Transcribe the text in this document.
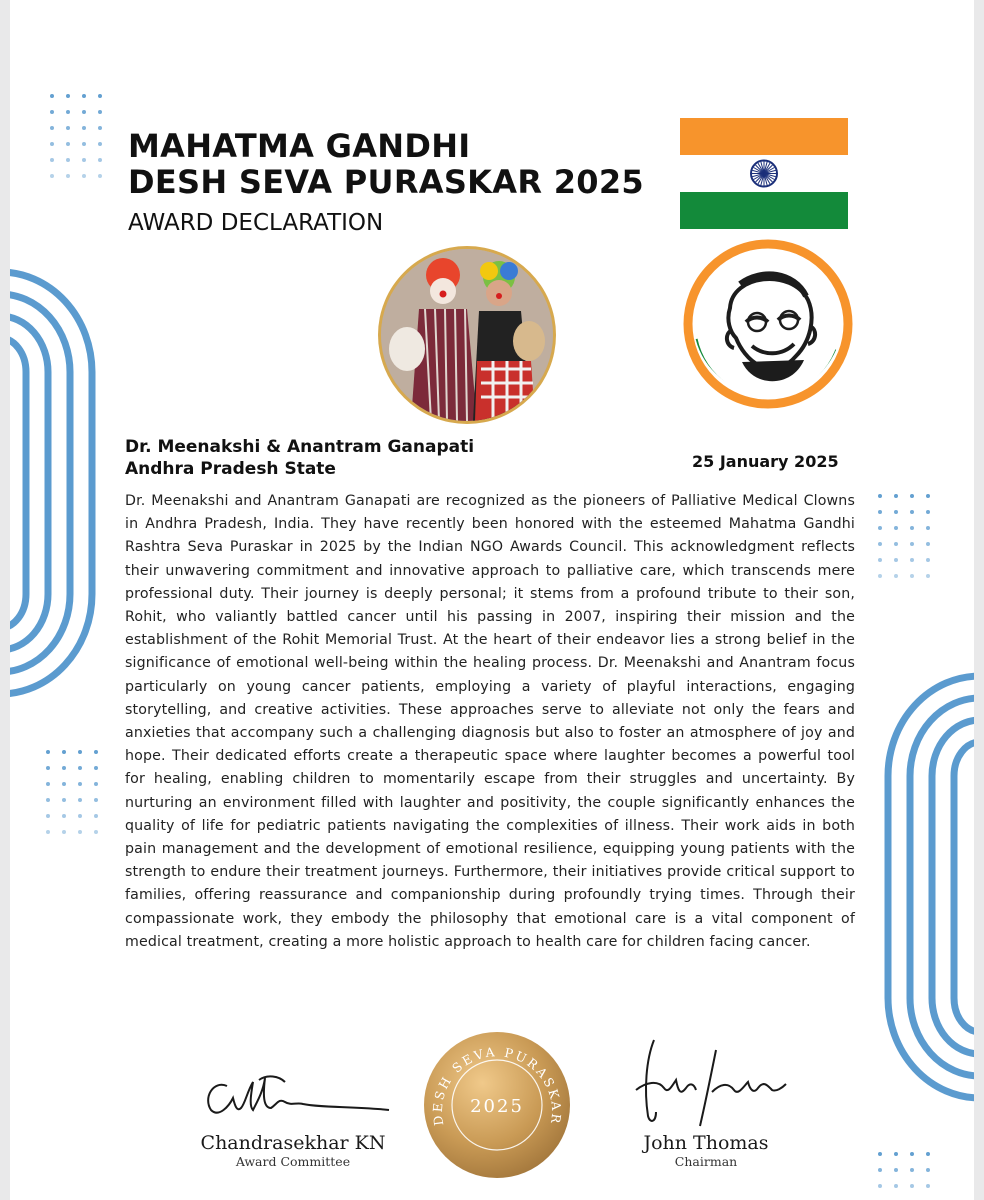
MAHATMA GANDHI
DESH SEVA PURASKAR 2025
AWARD DECLARATION
Dr. Meenakshi & Anantram Ganapati
Andhra Pradesh State	25 January 2025
Dr. Meenakshi and Anantram Ganapati are recognized as the pioneers of Palliative Medical Clowns in Andhra Pradesh, India. They have recently been honored with the esteemed Mahatma Gandhi Rashtra Seva Puraskar in 2025 by the Indian NGO Awards Council. This acknowledgment reflects their unwavering commitment and innovative approach to palliative care, which transcends mere professional duty. Their journey is deeply personal; it stems from a profound tribute to their son, Rohit, who valiantly battled cancer until his passing in 2007, inspiring their mission and the establishment of the Rohit Memorial Trust. At the heart of their endeavor lies a strong belief in the significance of emotional well-being within the healing process. Dr. Meenakshi and Anantram focus particularly on young cancer patients, employing a variety of playful interactions, engaging storytelling, and creative activities. These approaches serve to alleviate not only the fears and anxieties that accompany such a challenging diagnosis but also to foster an atmosphere of joy and hope. Their dedicated efforts create a therapeutic space where laughter becomes a powerful tool for healing, enabling children to momentarily escape from their struggles and uncertainty. By nurturing an environment filled with laughter and positivity, the couple significantly enhances the quality of life for pediatric patients navigating the complexities of illness. Their work aids in both pain management and the development of emotional resilience, equipping young patients with the strength to endure their treatment journeys. Furthermore, their initiatives provide critical support to families, offering reassurance and companionship during profoundly trying times. Through their compassionate work, they embody the philosophy that emotional care is a vital component of medical treatment, creating a more holistic approach to health care for children facing cancer.
Chandrasekhar KN
Award Committee
DESH SEVA PURASKAR
2025
John Thomas
Chairman
